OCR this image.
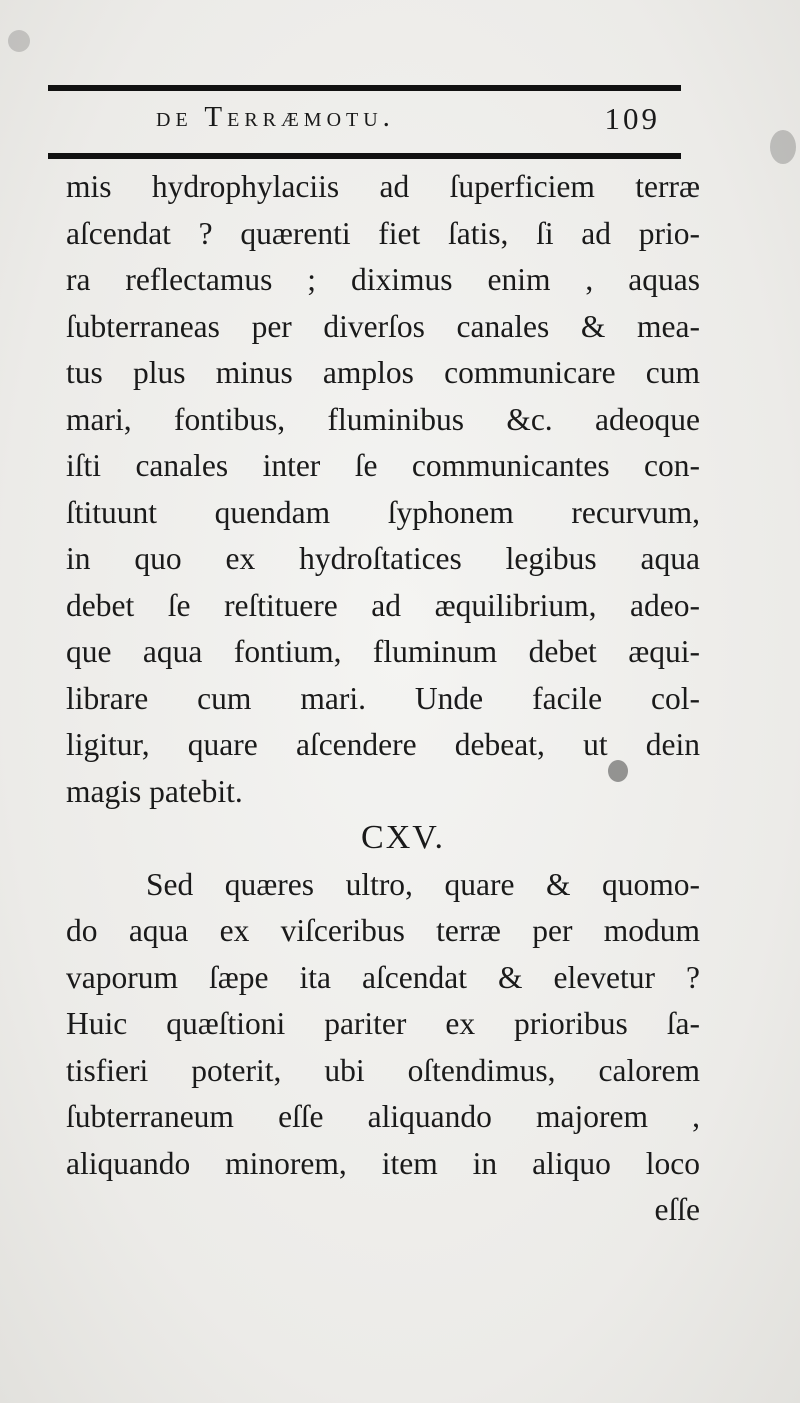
de Terræmotu.	109
mis hydrophylaciis ad ſuperficiem terræ
aſcendat ? quærenti fiet ſatis, ſi ad prio-
ra reflectamus ; diximus enim , aquas
ſubterraneas per diverſos canales & mea-
tus plus minus amplos communicare cum
mari, fontibus, fluminibus &c. adeoque
iſti canales inter ſe communicantes con-
ſtituunt quendam ſyphonem recurvum,
in quo ex hydroſtatices legibus aqua
debet ſe reſtituere ad æquilibrium, adeo-
que aqua fontium, fluminum debet æqui-
librare cum mari. Unde facile col-
ligitur, quare aſcendere debeat, ut dein
magis patebit.
CXV.
Sed quæres ultro, quare & quomo-
do aqua ex viſceribus terræ per modum
vaporum ſæpe ita aſcendat & elevetur ?
Huic quæſtioni pariter ex prioribus ſa-
tisfieri poterit, ubi oſtendimus, calorem
ſubterraneum eſſe aliquando majorem ,
aliquando minorem, item in aliquo loco
eſſe
